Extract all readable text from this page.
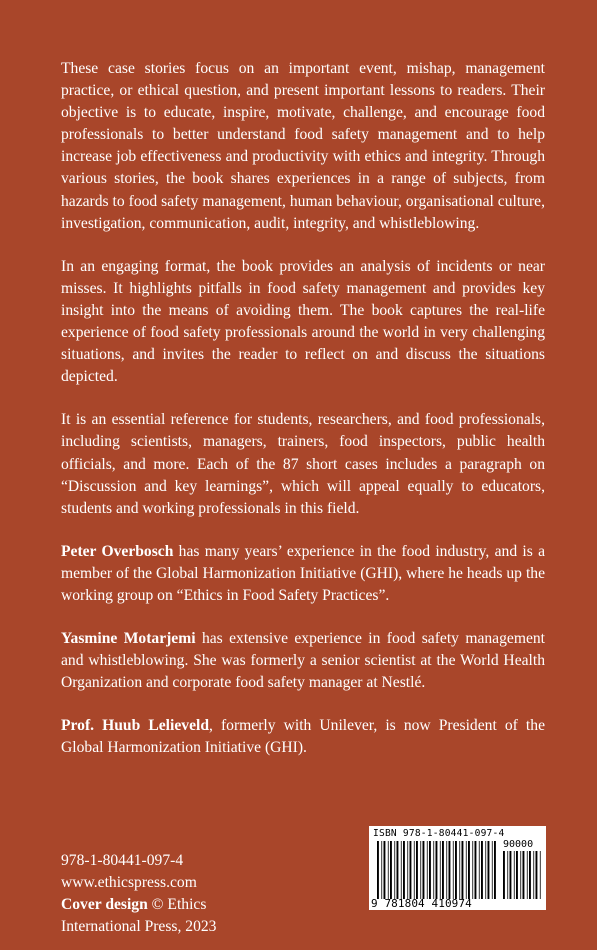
These case stories focus on an important event, mishap, management practice, or ethical question, and present important lessons to readers. Their objective is to educate, inspire, motivate, challenge, and encourage food professionals to better understand food safety management and to help increase job effectiveness and productivity with ethics and integrity. Through various stories, the book shares experiences in a range of subjects, from hazards to food safety management, human behaviour, organisational culture, investigation, communication, audit, integrity, and whistleblowing.

In an engaging format, the book provides an analysis of incidents or near misses. It highlights pitfalls in food safety management and provides key insight into the means of avoiding them. The book captures the real-life experience of food safety professionals around the world in very challenging situations, and invites the reader to reflect on and discuss the situations depicted.

It is an essential reference for students, researchers, and food professionals, including scientists, managers, trainers, food inspectors, public health officials, and more. Each of the 87 short cases includes a paragraph on “Discussion and key learnings”, which will appeal equally to educators, students and working professionals in this field.

Peter Overbosch has many years’ experience in the food industry, and is a member of the Global Harmonization Initiative (GHI), where he heads up the working group on “Ethics in Food Safety Practices”.

Yasmine Motarjemi has extensive experience in food safety management and whistleblowing. She was formerly a senior scientist at the World Health Organization and corporate food safety manager at Nestlé.

Prof. Huub Lelieveld, formerly with Unilever, is now President of the Global Harmonization Initiative (GHI).

978-1-80441-097-4
www.ethicspress.com
Cover design © Ethics
International Press, 2023
ISBN 978-1-80441-097-4
90000
9 781804 410974
